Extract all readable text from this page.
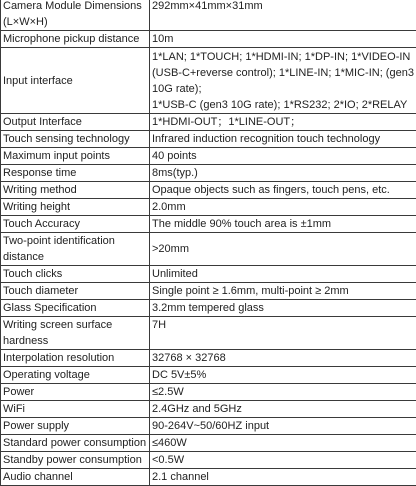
Camera Module Dimensions (L×W×H)	292mm×41mm×31mm
Microphone pickup distance	10m
Input interface	1*LAN; 1*TOUCH; 1*HDMI-IN; 1*DP-IN; 1*VIDEO-IN (USB-C+reverse control); 1*LINE-IN; 1*MIC-IN; (gen3 10G rate);
1*USB-C (gen3 10G rate); 1*RS232; 2*IO; 2*RELAY

Output Interface	1*HDMI-OUT；1*LINE-OUT；
Touch sensing technology	Infrared induction recognition touch technology
Maximum input points	40 points
Response time	8ms(typ.)
Writing method	Opaque objects such as fingers, touch pens, etc.
Writing height	2.0mm
Touch Accuracy	The middle 90% touch area is ±1mm
Two-point identification distance	>20mm
Touch clicks	Unlimited
Touch diameter	Single point ≥ 1.6mm, multi-point ≥ 2mm
Glass Specification	3.2mm tempered glass
Writing screen surface hardness	7H
Interpolation resolution	32768 × 32768
Operating voltage	DC 5V±5%
Power	≤2.5W
WiFi	2.4GHz and 5GHz
Power supply	90-264V~50/60HZ input
Standard power consumption	≤460W
Standby power consumption	<0.5W
Audio channel	2.1 channel
